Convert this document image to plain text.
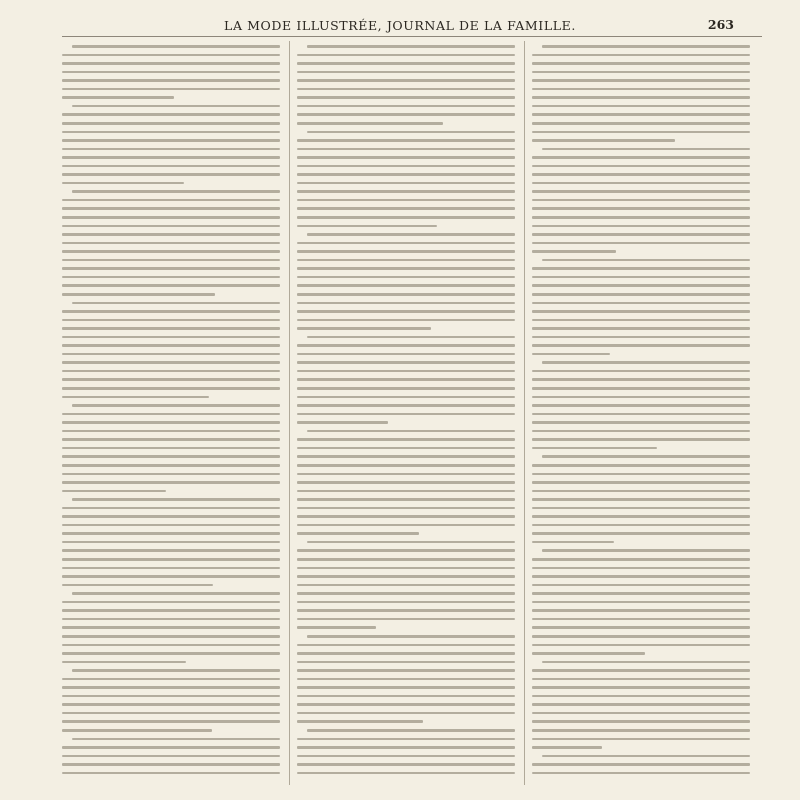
LA MODE ILLUSTRÉE, JOURNAL DE LA FAMILLE.	263
